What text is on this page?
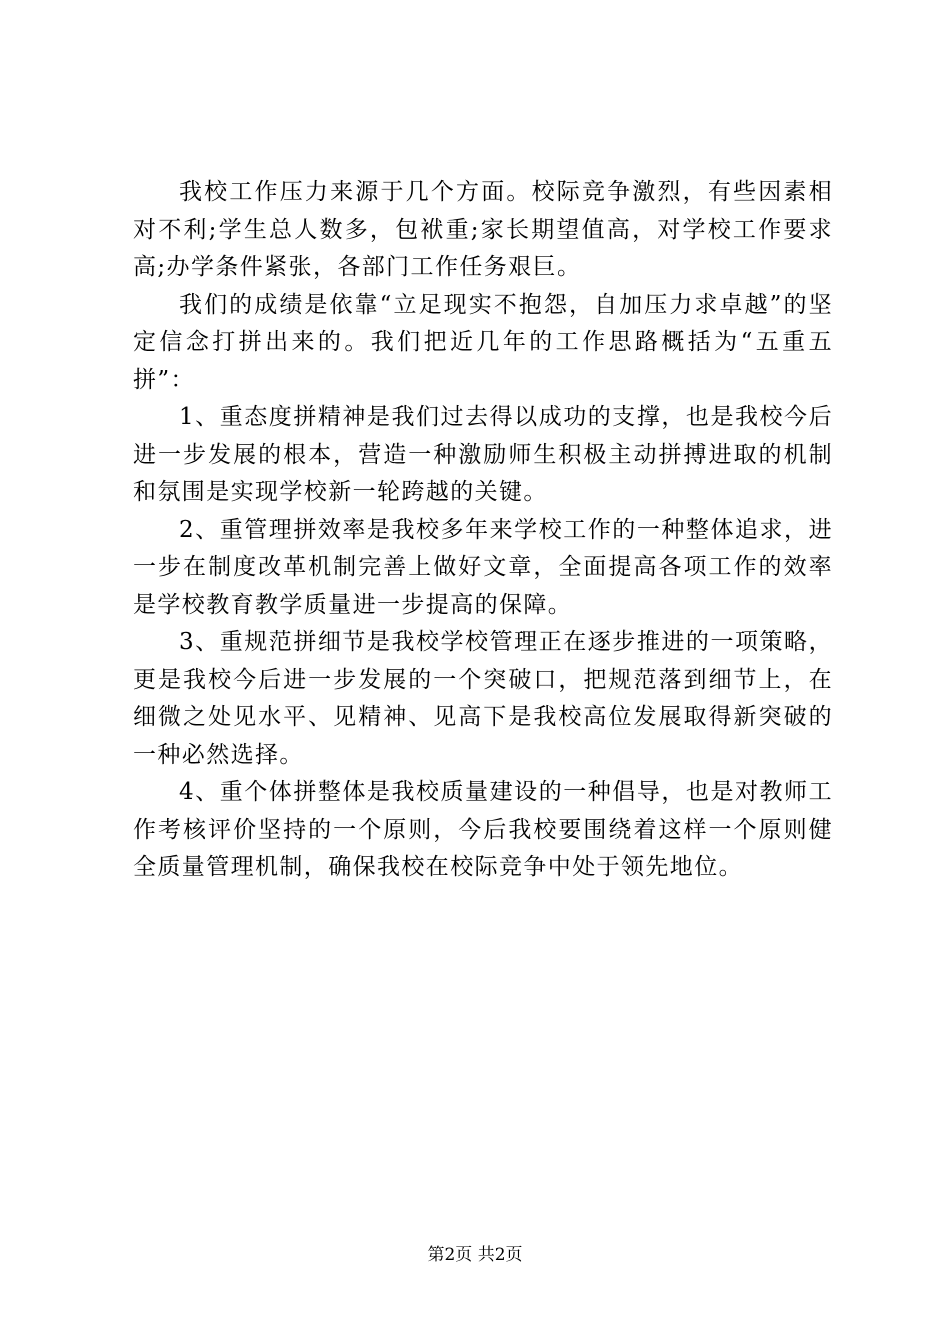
我校工作压力来源于几个方面。校际竞争激烈，有些因素相对不利;学生总人数多，包袱重;家长期望值高，对学校工作要求高;办学条件紧张，各部门工作任务艰巨。

我们的成绩是依靠“立足现实不抱怨，自加压力求卓越”的坚定信念打拼出来的。我们把近几年的工作思路概括为“五重五拼”：

1、重态度拼精神是我们过去得以成功的支撑，也是我校今后进一步发展的根本，营造一种激励师生积极主动拼搏进取的机制和氛围是实现学校新一轮跨越的关键。

2、重管理拼效率是我校多年来学校工作的一种整体追求，进一步在制度改革机制完善上做好文章，全面提高各项工作的效率是学校教育教学质量进一步提高的保障。

3、重规范拼细节是我校学校管理正在逐步推进的一项策略，更是我校今后进一步发展的一个突破口，把规范落到细节上，在细微之处见水平、见精神、见高下是我校高位发展取得新突破的一种必然选择。

4、重个体拼整体是我校质量建设的一种倡导，也是对教师工作考核评价坚持的一个原则，今后我校要围绕着这样一个原则健全质量管理机制，确保我校在校际竞争中处于领先地位。

第2页 共2页
